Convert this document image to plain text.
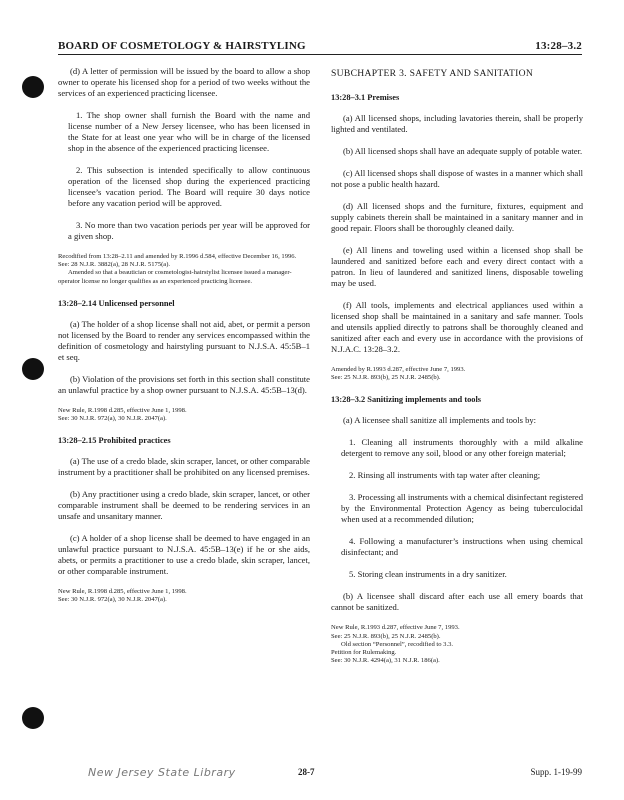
BOARD OF COSMETOLOGY & HAIRSTYLING	13:28–3.2

(d) A letter of permission will be issued by the board to allow a shop owner to operate his licensed shop for a period of two weeks without the services of an experienced practicing licensee.

1. The shop owner shall furnish the Board with the name and license number of a New Jersey licensee, who has been licensed in the State for at least one year who will be in charge of the licensed shop in the absence of the experienced practicing licensee.

2. This subsection is intended specifically to allow continuous operation of the licensed shop during the experienced practicing licensee’s vacation period. The Board will require 30 days notice before any vacation period will be approved.

3. No more than two vacation periods per year will be approved for a given shop.

Recodified from 13:28–2.11 and amended by R.1996 d.584, effective December 16, 1996.
See: 28 N.J.R. 3882(a), 28 N.J.R. 5175(a).
Amended so that a beautician or cosmetologist-hairstylist licensee issued a manager-operator license no longer qualifies as an experienced practicing licensee.
13:28–2.14 Unlicensed personnel

(a) The holder of a shop license shall not aid, abet, or permit a person not licensed by the Board to render any services encompassed within the definition of cosmetology and hairstyling pursuant to N.J.S.A. 45:5B–1 et seq.

(b) Violation of the provisions set forth in this section shall constitute an unlawful practice by a shop owner pursuant to N.J.S.A. 45:5B–13(d).

New Rule, R.1998 d.285, effective June 1, 1998.
See: 30 N.J.R. 972(a), 30 N.J.R. 2047(a).
13:28–2.15 Prohibited practices

(a) The use of a credo blade, skin scraper, lancet, or other comparable instrument by a practitioner shall be prohibited on any licensed premises.

(b) Any practitioner using a credo blade, skin scraper, lancet, or other comparable instrument shall be deemed to be rendering services in an unsafe and unsanitary manner.

(c) A holder of a shop license shall be deemed to have engaged in an unlawful practice pursuant to N.J.S.A. 45:5B–13(e) if he or she aids, abets, or permits a practitioner to use a credo blade, skin scraper, lancet, or other comparable instrument.

New Rule, R.1998 d.285, effective June 1, 1998.
See: 30 N.J.R. 972(a), 30 N.J.R. 2047(a).
SUBCHAPTER 3. SAFETY AND SANITATION
13:28–3.1 Premises

(a) All licensed shops, including lavatories therein, shall be properly lighted and ventilated.

(b) All licensed shops shall have an adequate supply of potable water.

(c) All licensed shops shall dispose of wastes in a manner which shall not pose a public health hazard.

(d) All licensed shops and the furniture, fixtures, equipment and supply cabinets therein shall be maintained in a sanitary manner and in good repair. Floors shall be thoroughly cleaned daily.

(e) All linens and toweling used within a licensed shop shall be laundered and sanitized before each and every direct contact with a patron. In lieu of laundered and sanitized linens, disposable toweling may be used.

(f) All tools, implements and electrical appliances used within a licensed shop shall be maintained in a sanitary and safe manner. Tools and utensils applied directly to patrons shall be thoroughly cleaned and sanitized after each and every use in accordance with the provisions of N.J.A.C. 13:28–3.2.

Amended by R.1993 d.287, effective June 7, 1993.
See: 25 N.J.R. 893(b), 25 N.J.R. 2485(b).
13:28–3.2 Sanitizing implements and tools

(a) A licensee shall sanitize all implements and tools by:

1. Cleaning all instruments thoroughly with a mild alkaline detergent to remove any soil, blood or any other foreign material;

2. Rinsing all instruments with tap water after cleaning;

3. Processing all instruments with a chemical disinfectant registered by the Environmental Protection Agency as being tuberculocidal when used at a recommended dilution;

4. Following a manufacturer’s instructions when using chemical disinfectant; and

5. Storing clean instruments in a dry sanitizer.

(b) A licensee shall discard after each use all emery boards that cannot be sanitized.

New Rule, R.1993 d.287, effective June 7, 1993.
See: 25 N.J.R. 893(b), 25 N.J.R. 2485(b).
Old section “Personnel”, recodified to 3.3.
Petition for Rulemaking.
See: 30 N.J.R. 4294(a), 31 N.J.R. 186(a).
New Jersey State Library	28-7	Supp. 1-19-99
